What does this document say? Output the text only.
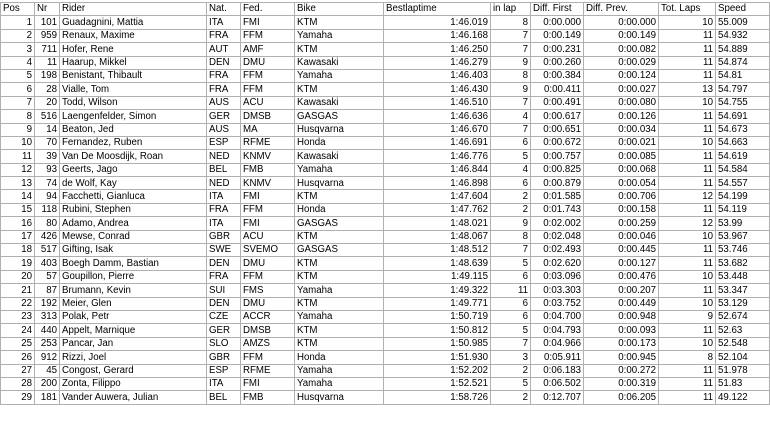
Pos	Nr	Rider	Nat.	Fed.	Bike	Bestlaptime	in lap	Diff. First	Diff. Prev.	Tot. Laps	Speed
1	101	Guadagnini, Mattia	ITA	FMI	KTM	1:46.019	8	0:00.000	0:00.000	10	55.009
2	959	Renaux, Maxime	FRA	FFM	Yamaha	1:46.168	7	0:00.149	0:00.149	11	54.932
3	711	Hofer, Rene	AUT	AMF	KTM	1:46.250	7	0:00.231	0:00.082	11	54.889
4	11	Haarup, Mikkel	DEN	DMU	Kawasaki	1:46.279	9	0:00.260	0:00.029	11	54.874
5	198	Benistant, Thibault	FRA	FFM	Yamaha	1:46.403	8	0:00.384	0:00.124	11	54.81
6	28	Vialle, Tom	FRA	FFM	KTM	1:46.430	9	0:00.411	0:00.027	13	54.797
7	20	Todd, Wilson	AUS	ACU	Kawasaki	1:46.510	7	0:00.491	0:00.080	10	54.755
8	516	Laengenfelder, Simon	GER	DMSB	GASGAS	1:46.636	4	0:00.617	0:00.126	11	54.691
9	14	Beaton, Jed	AUS	MA	Husqvarna	1:46.670	7	0:00.651	0:00.034	11	54.673
10	70	Fernandez, Ruben	ESP	RFME	Honda	1:46.691	6	0:00.672	0:00.021	10	54.663
11	39	Van De Moosdijk, Roan	NED	KNMV	Kawasaki	1:46.776	5	0:00.757	0:00.085	11	54.619
12	93	Geerts, Jago	BEL	FMB	Yamaha	1:46.844	4	0:00.825	0:00.068	11	54.584
13	74	de Wolf, Kay	NED	KNMV	Husqvarna	1:46.898	6	0:00.879	0:00.054	11	54.557
14	94	Facchetti, Gianluca	ITA	FMI	KTM	1:47.604	2	0:01.585	0:00.706	12	54.199
15	118	Rubini, Stephen	FRA	FFM	Honda	1:47.762	2	0:01.743	0:00.158	11	54.119
16	80	Adamo, Andrea	ITA	FMI	GASGAS	1:48.021	9	0:02.002	0:00.259	12	53.99
17	426	Mewse, Conrad	GBR	ACU	KTM	1:48.067	8	0:02.048	0:00.046	10	53.967
18	517	Gifting, Isak	SWE	SVEMO	GASGAS	1:48.512	7	0:02.493	0:00.445	11	53.746
19	403	Boegh Damm, Bastian	DEN	DMU	KTM	1:48.639	5	0:02.620	0:00.127	11	53.682
20	57	Goupillon, Pierre	FRA	FFM	KTM	1:49.115	6	0:03.096	0:00.476	10	53.448
21	87	Brumann, Kevin	SUI	FMS	Yamaha	1:49.322	11	0:03.303	0:00.207	11	53.347
22	192	Meier, Glen	DEN	DMU	KTM	1:49.771	6	0:03.752	0:00.449	10	53.129
23	313	Polak, Petr	CZE	ACCR	Yamaha	1:50.719	6	0:04.700	0:00.948	9	52.674
24	440	Appelt, Marnique	GER	DMSB	KTM	1:50.812	5	0:04.793	0:00.093	11	52.63
25	253	Pancar, Jan	SLO	AMZS	KTM	1:50.985	7	0:04.966	0:00.173	10	52.548
26	912	Rizzi, Joel	GBR	FFM	Honda	1:51.930	3	0:05.911	0:00.945	8	52.104
27	45	Congost, Gerard	ESP	RFME	Yamaha	1:52.202	2	0:06.183	0:00.272	11	51.978
28	200	Zonta, Filippo	ITA	FMI	Yamaha	1:52.521	5	0:06.502	0:00.319	11	51.83
29	181	Vander Auwera, Julian	BEL	FMB	Husqvarna	1:58.726	2	0:12.707	0:06.205	11	49.122
